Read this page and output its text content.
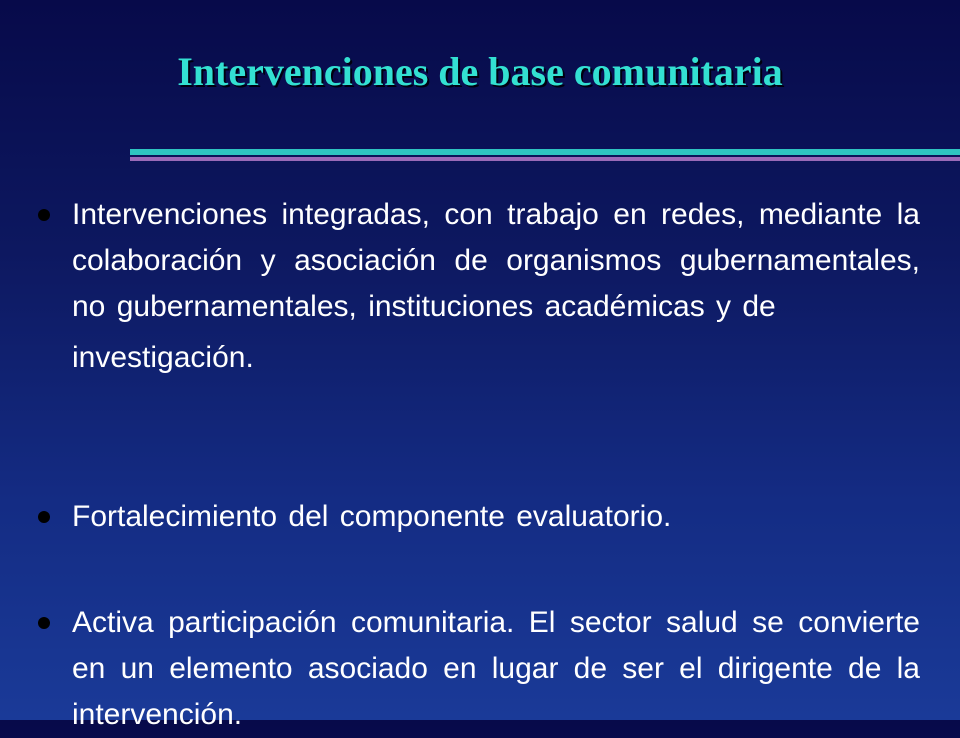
Intervenciones de base comunitaria
Intervenciones integradas, con trabajo en redes, mediante la colaboración y asociación de organismos gubernamentales, no gubernamentales, instituciones académicas y de
investigación.
Fortalecimiento del componente evaluatorio.
Activa participación comunitaria. El sector salud se convierte en un elemento asociado en lugar de ser el dirigente de la intervención.
